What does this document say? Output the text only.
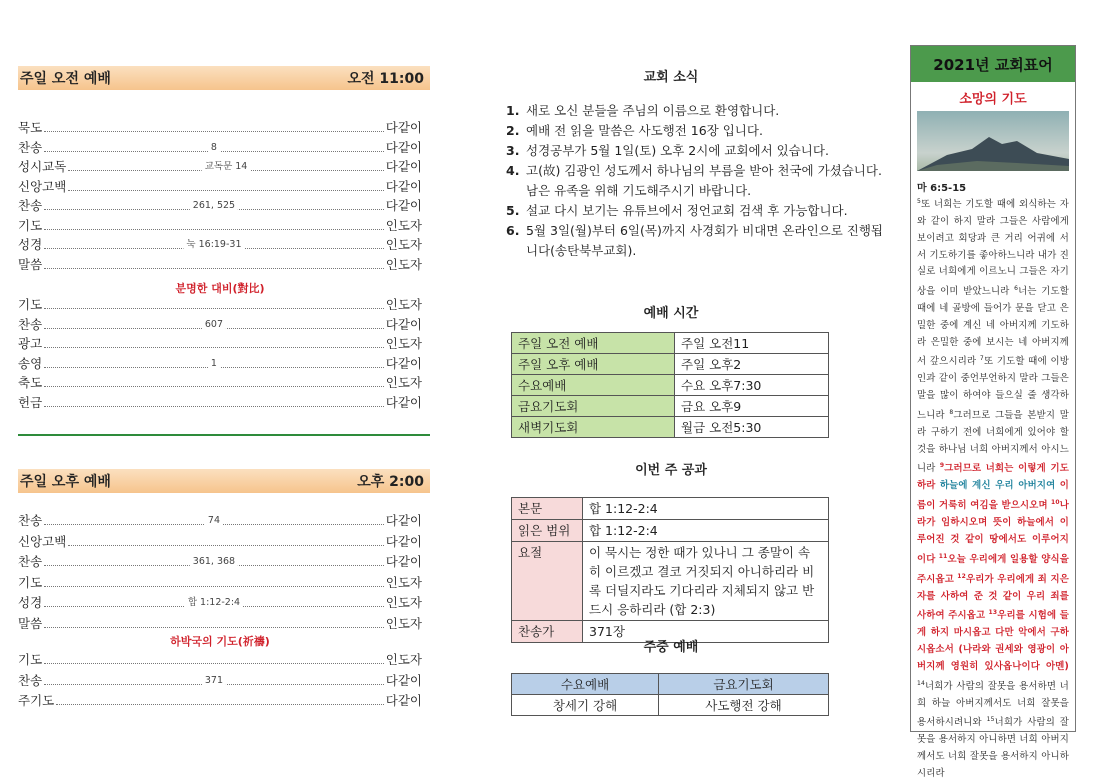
주일 오전 예배	오전 11:00
묵도	다같이
찬송	8	다같이
성시교독	교독문 14	다같이
신앙고백	다같이
찬송	261, 525	다같이
기도	인도자
성경	눅 16:19-31	인도자
말씀	인도자
분명한 대비(對比)
기도	인도자
찬송	607	다같이
광고	인도자
송영	1	다같이
축도	인도자
헌금	다같이
주일 오후 예배	오후 2:00
찬송	74	다같이
신앙고백	다같이
찬송	361, 368	다같이
기도	인도자
성경	합 1:12-2:4	인도자
말씀	인도자
하박국의 기도(祈禱)
기도	인도자
찬송	371	다같이
주기도	다같이
교회 소식
1. 새로 오신 분들을 주님의 이름으로 환영합니다.
2. 예배 전 읽을 말씀은 사도행전 16장 입니다.
3. 성경공부가 5월 1일(토) 오후 2시에 교회에서 있습니다.
4. 고(故) 김광인 성도께서 하나님의 부름을 받아 천국에 가셨습니다. 남은 유족을 위해 기도해주시기 바랍니다.
5. 설교 다시 보기는 유튜브에서 정언교회 검색 후 가능합니다.
6. 5월 3일(월)부터 6일(목)까지 사경회가 비대면 온라인으로 진행됩니다(송탄북부교회).
예배 시간
주일 오전 예배	주일 오전11
주일 오후 예배	주일 오후2
수요예배	수요 오후7:30
금요기도회	금요 오후9
새벽기도회	월금 오전5:30
이번 주 공과
본문	합 1:12-2:4
읽은 범위	합 1:12-2:4
요절	이 묵시는 정한 때가 있나니 그 종말이 속히 이르겠고 결코 거짓되지 아니하리라 비록 더딜지라도 기다리라 지체되지 않고 반드시 응하리라 (합 2:3)
찬송가	371장
주중 예배
수요예배	금요기도회
창세기 강해	사도행전 강해
2021년 교회표어
소망의 기도
마 6:5-15
$^5$또 너희는 기도할 때에 외식하는 자와 같이 하지 말라 그들은 사람에게 보이려고 회당과 큰 거리 어귀에 서서 기도하기를 좋아하느니라 내가 진실로 너희에게 이르노니 그들은 자기 상을 이미 받았느니라 $^6$너는 기도할 때에 네 골방에 들어가 문을 닫고 은밀한 중에 계신 네 아버지께 기도하라 은밀한 중에 보시는 네 아버지께서 갚으시리라 $^7$또 기도할 때에 이방인과 같이 중언부언하지 말라 그들은 말을 많이 하여야 들으실 줄 생각하느니라 $^8$그러므로 그들을 본받지 말라 구하기 전에 너희에게 있어야 할 것을 하나님 너희 아버지께서 아시느니라 $^9$그러므로 너희는 이렇게 기도하라 하늘에 계신 우리 아버지여 이름이 거룩히 여김을 받으시오며 $^{10}$나라가 임하시오며 뜻이 하늘에서 이루어진 것 같이 땅에서도 이루어지이다 $^{11}$오늘 우리에게 일용할 양식을 주시옵고 $^{12}$우리가 우리에게 죄 지은 자를 사하여 준 것 같이 우리 죄를 사하여 주시옵고 $^{13}$우리를 시험에 들게 하지 마시옵고 다만 악에서 구하시옵소서 (나라와 권세와 영광이 아버지께 영원히 있사옵나이다 아멘) $^{14}$너희가 사람의 잘못을 용서하면 너희 하늘 아버지께서도 너희 잘못을 용서하시려니와 $^{15}$너희가 사람의 잘못을 용서하지 아니하면 너희 아버지께서도 너희 잘못을 용서하지 아니하시리라
